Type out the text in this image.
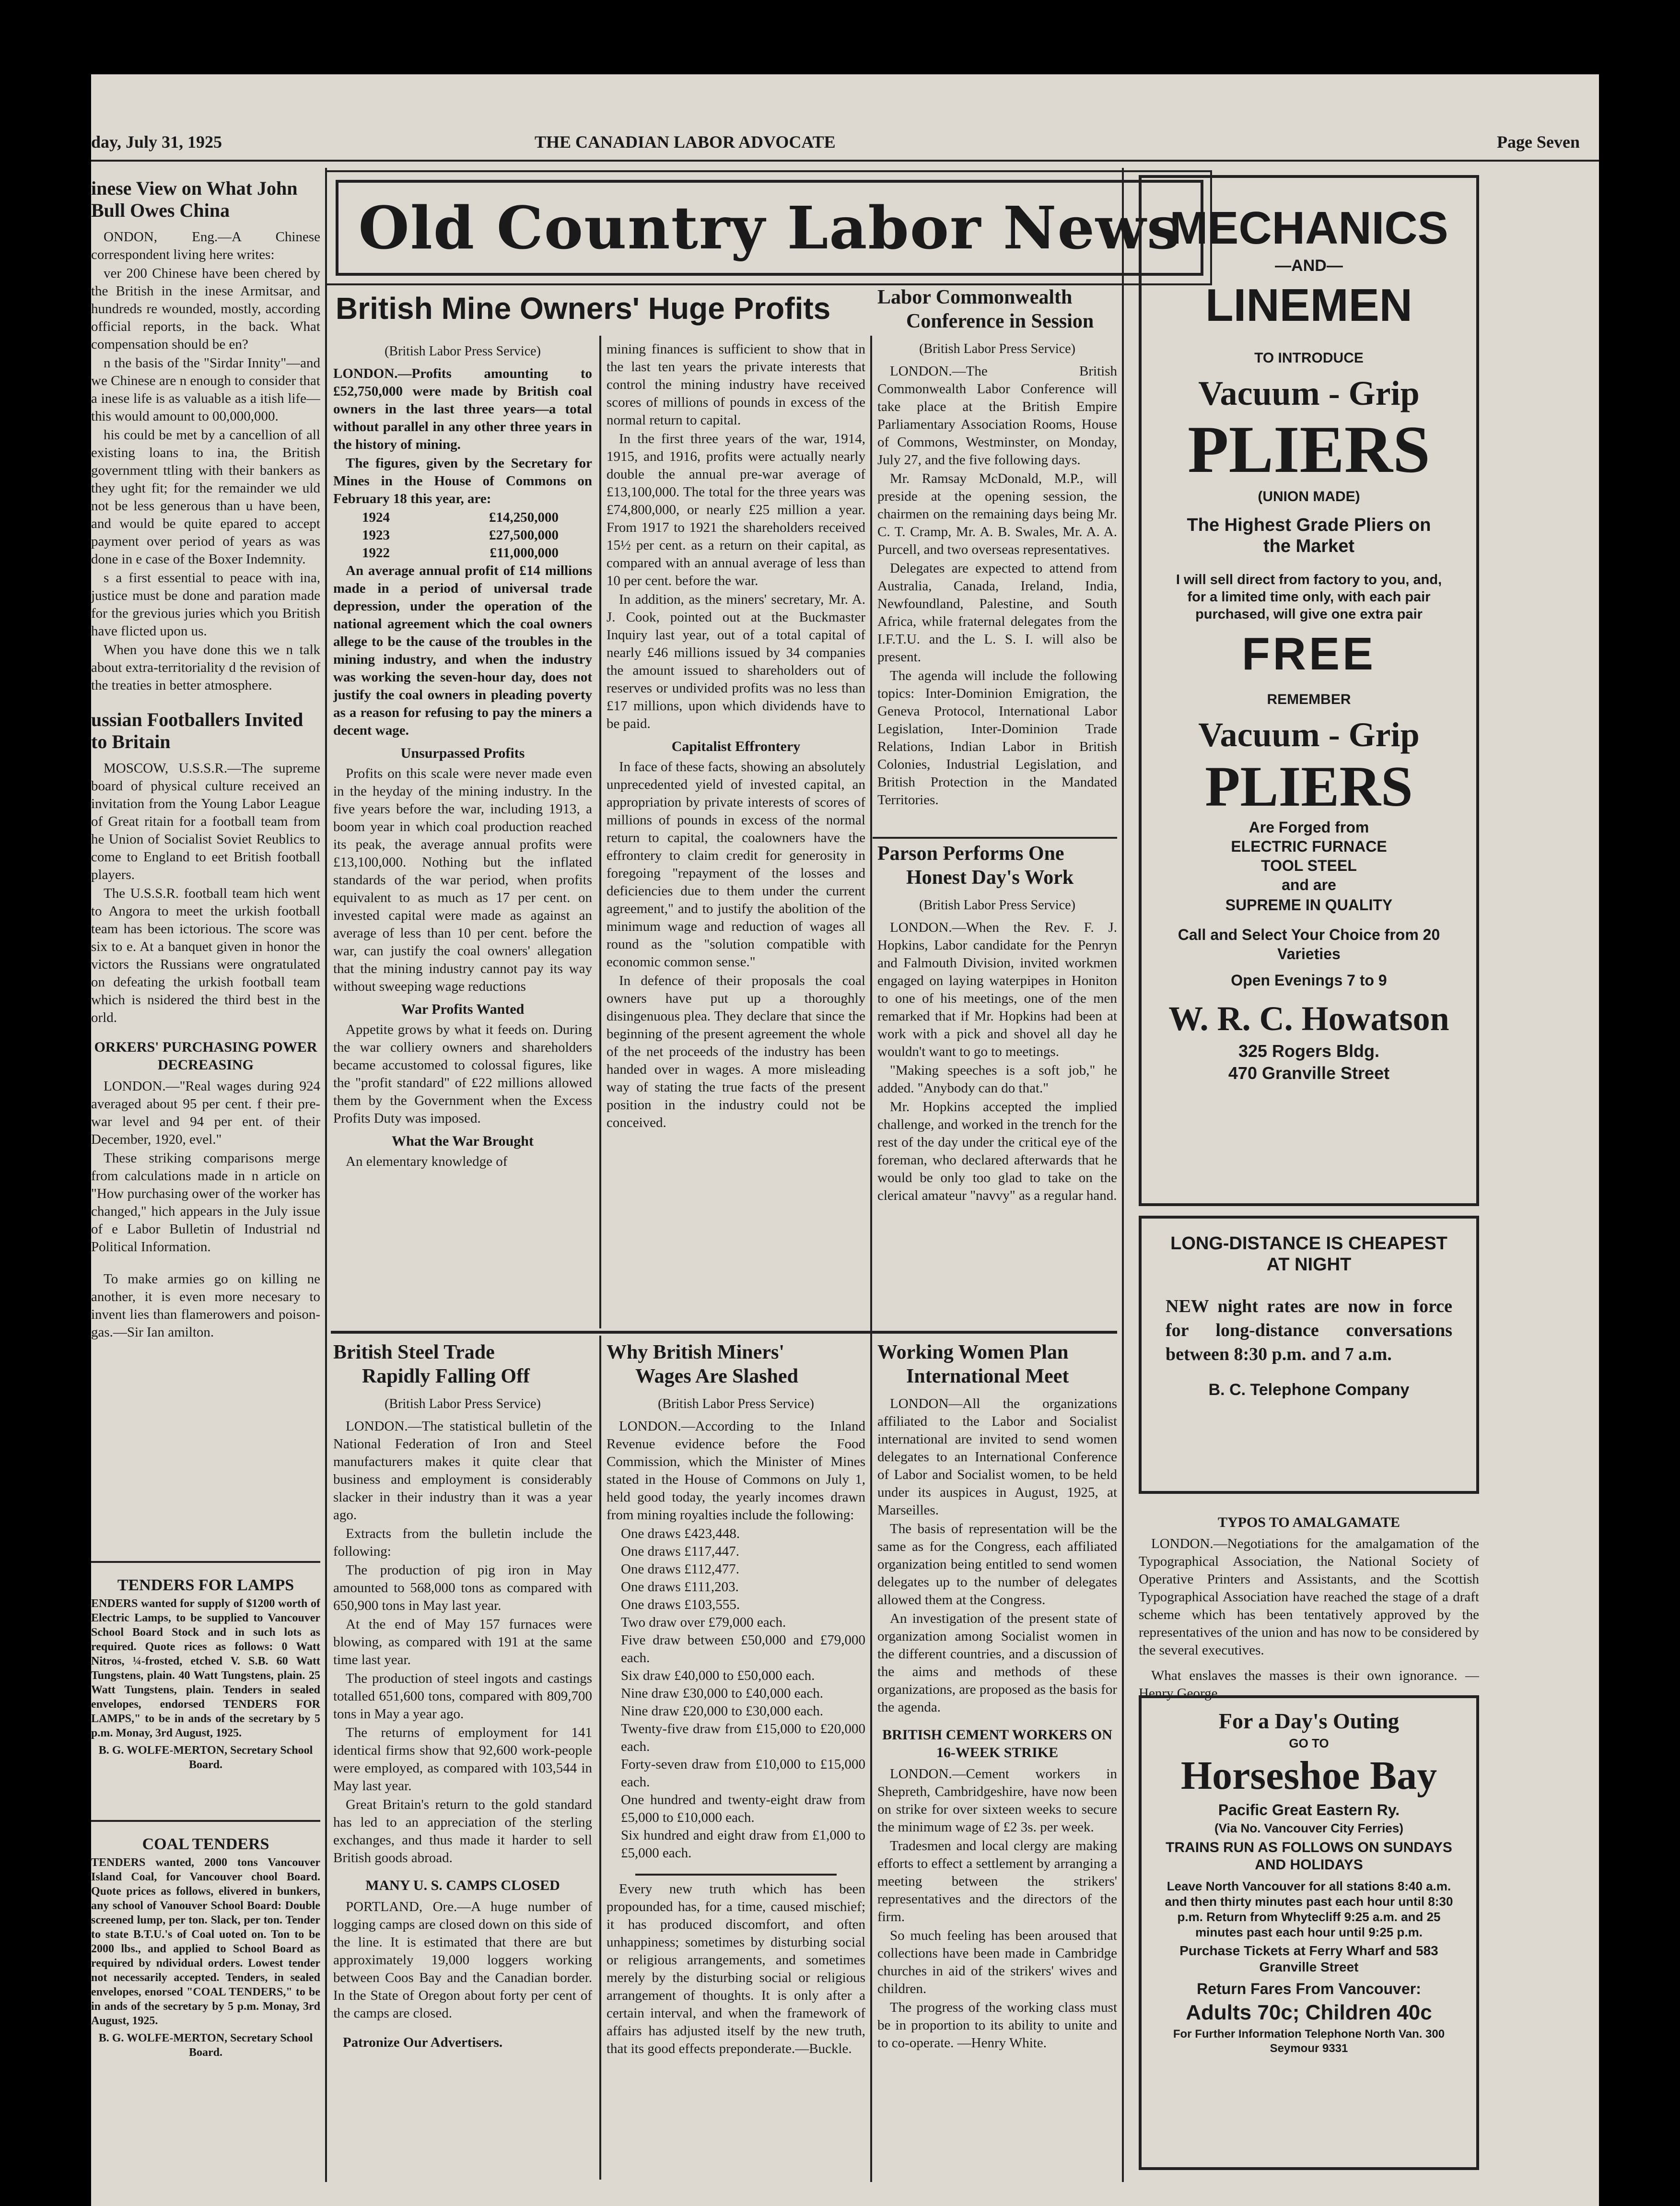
day, July 31, 1925	THE CANADIAN LABOR ADVOCATE	Page Seven
inese View on What John Bull Owes China

ONDON, Eng.—A Chinese correspondent living here writes:

ver 200 Chinese have been chered by the British in the inese Armitsar, and hundreds re wounded, mostly, according official reports, in the back. What compensation should be en?

n the basis of the "Sirdar Innity"—and we Chinese are n enough to consider that a inese life is as valuable as a itish life—this would amount to 00,000,000.

his could be met by a cancellion of all existing loans to ina, the British government ttling with their bankers as they ught fit; for the remainder we uld not be less generous than u have been, and would be quite epared to accept payment over period of years as was done in e case of the Boxer Indemnity.

s a first essential to peace with ina, justice must be done and paration made for the grevious juries which you British have flicted upon us.

When you have done this we n talk about extra-territoriality d the revision of the treaties in better atmosphere.

ussian Footballers Invited to Britain

MOSCOW, U.S.S.R.—The supreme board of physical culture received an invitation from the Young Labor League of Great ritain for a football team from he Union of Socialist Soviet Reublics to come to England to eet British football players.

The U.S.S.R. football team hich went to Angora to meet the urkish football team has been ictorious. The score was six to e. At a banquet given in honor the victors the Russians were ongratulated on defeating the urkish football team which is nsidered the third best in the orld.

ORKERS' PURCHASING POWER DECREASING

LONDON.—"Real wages during 924 averaged about 95 per cent. f their pre-war level and 94 per ent. of their December, 1920, evel."

These striking comparisons merge from calculations made in n article on "How purchasing ower of the worker has changed," hich appears in the July issue of e Labor Bulletin of Industrial nd Political Information.

To make armies go on killing ne another, it is even more necesary to invent lies than flamerowers and poison-gas.—Sir Ian amilton.

TENDERS FOR LAMPS

ENDERS wanted for supply of $1200 worth of Electric Lamps, to be supplied to Vancouver School Board Stock and in such lots as required. Quote rices as follows: 0 Watt Nitros, ¼-frosted, etched V. S.B. 60 Watt Tungstens, plain. 40 Watt Tungstens, plain. 25 Watt Tungstens, plain. Tenders in sealed envelopes, endorsed TENDERS FOR LAMPS," to be in ands of the secretary by 5 p.m. Monay, 3rd August, 1925.

B. G. WOLFE-MERTON, Secretary School Board.
COAL TENDERS

TENDERS wanted, 2000 tons Vancouver Island Coal, for Vancouver chool Board. Quote prices as follows, elivered in bunkers, any school of Vanouver School Board: Double screened lump, per ton. Slack, per ton. Tender to state B.T.U.'s of Coal uoted on. Ton to be 2000 lbs., and applied to School Board as required by ndividual orders. Lowest tender not necessarily accepted. Tenders, in sealed envelopes, enorsed "COAL TENDERS," to be in ands of the secretary by 5 p.m. Monay, 3rd August, 1925.

B. G. WOLFE-MERTON, Secretary School Board.
Old Country Labor News
British Mine Owners' Huge Profits
(British Labor Press Service)

LONDON.—Profits amounting to £52,750,000 were made by British coal owners in the last three years—a total without parallel in any other three years in the history of mining.

The figures, given by the Secretary for Mines in the House of Commons on February 18 this year, are:

1924	£14,250,000
1923	£27,500,000
1922	£11,000,000

An average annual profit of £14 millions made in a period of universal trade depression, under the operation of the national agreement which the coal owners allege to be the cause of the troubles in the mining industry, and when the industry was working the seven-hour day, does not justify the coal owners in pleading poverty as a reason for refusing to pay the miners a decent wage.

Unsurpassed Profits

Profits on this scale were never made even in the heyday of the mining industry. In the five years before the war, including 1913, a boom year in which coal production reached its peak, the average annual profits were £13,100,000. Nothing but the inflated standards of the war period, when profits equivalent to as much as 17 per cent. on invested capital were made as against an average of less than 10 per cent. before the war, can justify the coal owners' allegation that the mining industry cannot pay its way without sweeping wage reductions

War Profits Wanted

Appetite grows by what it feeds on. During the war colliery owners and shareholders became accustomed to colossal figures, like the "profit standard" of £22 millions allowed them by the Government when the Excess Profits Duty was imposed.

What the War Brought

An elementary knowledge of

mining finances is sufficient to show that in the last ten years the private interests that control the mining industry have received scores of millions of pounds in excess of the normal return to capital.

In the first three years of the war, 1914, 1915, and 1916, profits were actually nearly double the annual pre-war average of £13,100,000. The total for the three years was £74,800,000, or nearly £25 million a year. From 1917 to 1921 the shareholders received 15½ per cent. as a return on their capital, as compared with an annual average of less than 10 per cent. before the war.

In addition, as the miners' secretary, Mr. A. J. Cook, pointed out at the Buckmaster Inquiry last year, out of a total capital of nearly £46 millions issued by 34 companies the amount issued to shareholders out of reserves or undivided profits was no less than £17 millions, upon which dividends have to be paid.

Capitalist Effrontery

In face of these facts, showing an absolutely unprecedented yield of invested capital, an appropriation by private interests of scores of millions of pounds in excess of the normal return to capital, the coalowners have the effrontery to claim credit for generosity in foregoing "repayment of the losses and deficiencies due to them under the current agreement," and to justify the abolition of the minimum wage and reduction of wages all round as the "solution compatible with economic common sense."

In defence of their proposals the coal owners have put up a thoroughly disingenuous plea. They declare that since the beginning of the present agreement the whole of the net proceeds of the industry has been handed over in wages. A more misleading way of stating the true facts of the present position in the industry could not be conceived.

Labor Commonwealth
Conference in Session
(British Labor Press Service)

LONDON.—The British Commonwealth Labor Conference will take place at the British Empire Parliamentary Association Rooms, House of Commons, Westminster, on Monday, July 27, and the five following days.

Mr. Ramsay McDonald, M.P., will preside at the opening session, the chairmen on the remaining days being Mr. C. T. Cramp, Mr. A. B. Swales, Mr. A. A. Purcell, and two overseas representatives.

Delegates are expected to attend from Australia, Canada, Ireland, India, Newfoundland, Palestine, and South Africa, while fraternal delegates from the I.F.T.U. and the L. S. I. will also be present.

The agenda will include the following topics: Inter-Dominion Emigration, the Geneva Protocol, International Labor Legislation, Inter-Dominion Trade Relations, Indian Labor in British Colonies, Industrial Legislation, and British Protection in the Mandated Territories.

Parson Performs One
Honest Day's Work
(British Labor Press Service)

LONDON.—When the Rev. F. J. Hopkins, Labor candidate for the Penryn and Falmouth Division, invited workmen engaged on laying waterpipes in Honiton to one of his meetings, one of the men remarked that if Mr. Hopkins had been at work with a pick and shovel all day he wouldn't want to go to meetings.

"Making speeches is a soft job," he added. "Anybody can do that."

Mr. Hopkins accepted the implied challenge, and worked in the trench for the rest of the day under the critical eye of the foreman, who declared afterwards that he would be only too glad to take on the clerical amateur "navvy" as a regular hand.

British Steel Trade
Rapidly Falling Off
(British Labor Press Service)

LONDON.—The statistical bulletin of the National Federation of Iron and Steel manufacturers makes it quite clear that business and employment is considerably slacker in their industry than it was a year ago.

Extracts from the bulletin include the following:

The production of pig iron in May amounted to 568,000 tons as compared with 650,900 tons in May last year.

At the end of May 157 furnaces were blowing, as compared with 191 at the same time last year.

The production of steel ingots and castings totalled 651,600 tons, compared with 809,700 tons in May a year ago.

The returns of employment for 141 identical firms show that 92,600 work-people were employed, as compared with 103,544 in May last year.

Great Britain's return to the gold standard has led to an appreciation of the sterling exchanges, and thus made it harder to sell British goods abroad.

MANY U. S. CAMPS CLOSED

PORTLAND, Ore.—A huge number of logging camps are closed down on this side of the line. It is estimated that there are but approximately 19,000 loggers working between Coos Bay and the Canadian border. In the State of Oregon about forty per cent of the camps are closed.

Patronize Our Advertisers.
Why British Miners'
Wages Are Slashed
(British Labor Press Service)

LONDON.—According to the Inland Revenue evidence before the Food Commission, which the Minister of Mines stated in the House of Commons on July 1, held good today, the yearly incomes drawn from mining royalties include the following:

One draws £423,448.
One draws £117,447.
One draws £112,477.
One draws £111,203.
One draws £103,555.
Two draw over £79,000 each.
Five draw between £50,000 and £79,000 each.
Six draw £40,000 to £50,000 each.
Nine draw £30,000 to £40,000 each.
Nine draw £20,000 to £30,000 each.
Twenty-five draw from £15,000 to £20,000 each.
Forty-seven draw from £10,000 to £15,000 each.
One hundred and twenty-eight draw from £5,000 to £10,000 each.
Six hundred and eight draw from £1,000 to £5,000 each.

Every new truth which has been propounded has, for a time, caused mischief; it has produced discomfort, and often unhappiness; sometimes by disturbing social or religious arrangements, and sometimes merely by the disturbing social or religious arrangement of thoughts. It is only after a certain interval, and when the framework of affairs has adjusted itself by the new truth, that its good effects preponderate.—Buckle.

Working Women Plan
International Meet

LONDON—All the organizations affiliated to the Labor and Socialist international are invited to send women delegates to an International Conference of Labor and Socialist women, to be held under its auspices in August, 1925, at Marseilles.

The basis of representation will be the same as for the Congress, each affiliated organization being entitled to send women delegates up to the number of delegates allowed them at the Congress.

An investigation of the present state of organization among Socialist women in the different countries, and a discussion of the aims and methods of these organizations, are proposed as the basis for the agenda.

BRITISH CEMENT WORKERS ON 16-WEEK STRIKE

LONDON.—Cement workers in Shepreth, Cambridgeshire, have now been on strike for over sixteen weeks to secure the minimum wage of £2 3s. per week.

Tradesmen and local clergy are making efforts to effect a settlement by arranging a meeting between the strikers' representatives and the directors of the firm.

So much feeling has been aroused that collections have been made in Cambridge churches in aid of the strikers' wives and children.

The progress of the working class must be in proportion to its ability to unite and to co-operate. —Henry White.

MECHANICS
—AND—
LINEMEN
TO INTRODUCE
Vacuum - Grip
PLIERS
(UNION MADE)
The Highest Grade Pliers on the Market
I will sell direct from factory to you, and, for a limited time only, with each pair purchased, will give one extra pair
FREE
REMEMBER
Vacuum - Grip
PLIERS
Are Forged from
ELECTRIC FURNACE
TOOL STEEL
and are
SUPREME IN QUALITY
Call and Select Your Choice from 20 Varieties
Open Evenings 7 to 9
W. R. C. Howatson
325 Rogers Bldg.
470 Granville Street
LONG-DISTANCE IS CHEAPEST AT NIGHT
NEW night rates are now in force for long-distance conversations between 8:30 p.m. and 7 a.m.
B. C. Telephone Company
TYPOS TO AMALGAMATE

LONDON.—Negotiations for the amalgamation of the Typographical Association, the National Society of Operative Printers and Assistants, and the Scottish Typographical Association have reached the stage of a draft scheme which has been tentatively approved by the representatives of the union and has now to be considered by the several executives.

What enslaves the masses is their own ignorance. — Henry George.

For a Day's Outing
GO TO
Horseshoe Bay
Pacific Great Eastern Ry.
(Via No. Vancouver City Ferries)
TRAINS RUN AS FOLLOWS ON SUNDAYS AND HOLIDAYS
Leave North Vancouver for all stations 8:40 a.m. and then thirty minutes past each hour until 8:30 p.m. Return from Whytecliff 9:25 a.m. and 25 minutes past each hour until 9:25 p.m.
Purchase Tickets at Ferry Wharf and 583 Granville Street
Return Fares From Vancouver:
Adults 70c; Children 40c
For Further Information Telephone North Van. 300 Seymour 9331
